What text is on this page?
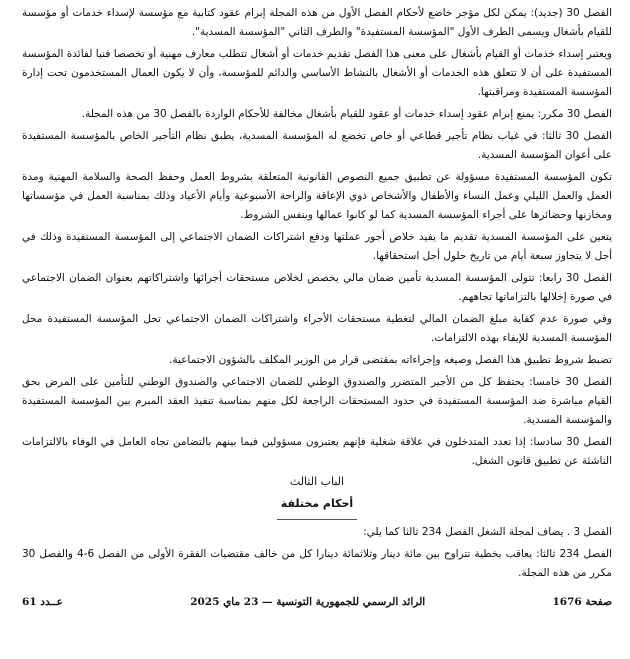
الفصل 30 (جديد): يمكن لكل مؤجر خاضع لأحكام الفصل الأول من هذه المجلة إبرام عقود كتابية مع مؤسسة لإسداء خدمات أو مؤسسة للقيام بأشغال ويسمى الطرف الأول "المؤسسة المستفيدة" والطرف الثاني "المؤسسة المسدية".

ويعتبر إسداء خدمات أو القيام بأشغال على معنى هذا الفصل تقديم خدمات أو أشغال تتطلب معارف مهنية أو تخصصا فنيا لفائدة المؤسسة المستفيدة على أن لا تتعلق هذه الخدمات أو الأشغال بالنشاط الأساسي والدائم للمؤسسة، وأن لا يكون العمال المستخدمون تحت إدارة المؤسسة المستفيدة ومراقبتها.

الفصل 30 مكرر: يمنع إبرام عقود إسداء خدمات أو عقود للقيام بأشغال مخالفة للأحكام الواردة بالفصل 30 من هذه المجلة.

الفصل 30 ثالثا: في غياب نظام تأجير قطاعي أو خاص تخضع له المؤسسة المسدية، يطبق نظام التأجير الخاص بالمؤسسة المستفيدة على أعوان المؤسسة المسدية.

تكون المؤسسة المستفيدة مسؤولة عن تطبيق جميع النصوص القانونية المتعلقة بشروط العمل وحفظ الصحة والسلامة المهنية ومدة العمل والعمل الليلي وعمل النساء والأطفال والأشخاص ذوي الإعاقة والراحة الأسبوعية وأيام الأعياد وذلك بمناسبة العمل في مؤسساتها ومخازنها وحضائرها على أجراء المؤسسة المسدية كما لو كانوا عمالها وبنفس الشروط.

يتعين على المؤسسة المسدية تقديم ما يفيد خلاص أجور عملتها ودفع اشتراكات الضمان الاجتماعي إلى المؤسسة المستفيدة وذلك في أجل لا يتجاوز سبعة أيام من تاريخ حلول أجل استحقاقها.

الفصل 30 رابعا: تتولى المؤسسة المسدية تأمين ضمان مالي يخصص لخلاص مستحقات أجرائها واشتراكاتهم بعنوان الضمان الاجتماعي في صورة إخلالها بالتزاماتها تجاههم.

وفي صورة عدم كفاية مبلغ الضمان المالي لتغطية مستحقات الأجراء واشتراكات الضمان الاجتماعي تحل المؤسسة المستفيدة محل المؤسسة المسدية للإيفاء بهذه الالتزامات.

تضبط شروط تطبيق هذا الفصل وصيغه وإجراءاته بمقتضى قرار من الوزير المكلف بالشؤون الاجتماعية.

الفصل 30 خامسا: يحتفظ كل من الأجير المتضرر والصندوق الوطني للضمان الاجتماعي والصندوق الوطني للتأمين على المرض بحق القيام مباشرة ضد المؤسسة المستفيدة في حدود المستحقات الراجعة لكل منهم بمناسبة تنفيذ العقد المبرم بين المؤسسة المستفيدة والمؤسسة المسدية.

الفصل 30 سادسا: إذا تعدد المتدخلون في علاقة شغلية فإنهم يعتبرون مسؤولين فيما بينهم بالتضامن تجاه العامل في الوفاء بالالتزامات الناشئة عن تطبيق قانون الشغل.

الباب الثالث

أحكام مختلفة

الفصل 3 . يضاف لمجلة الشغل الفصل 234 ثالثا كما يلي:

الفصل 234 ثالثا: يعاقب بخطية تتراوح بين مائة دينار وثلاثمائة دينارا كل من خالف مقتضيات الفقرة الأولى من الفصل 6-4 والفصل 30 مكرر من هذه المجلة.

صفحة 1676
الرائد الرسمي للجمهورية التونسية — 23 ماي 2025
عــدد 61
